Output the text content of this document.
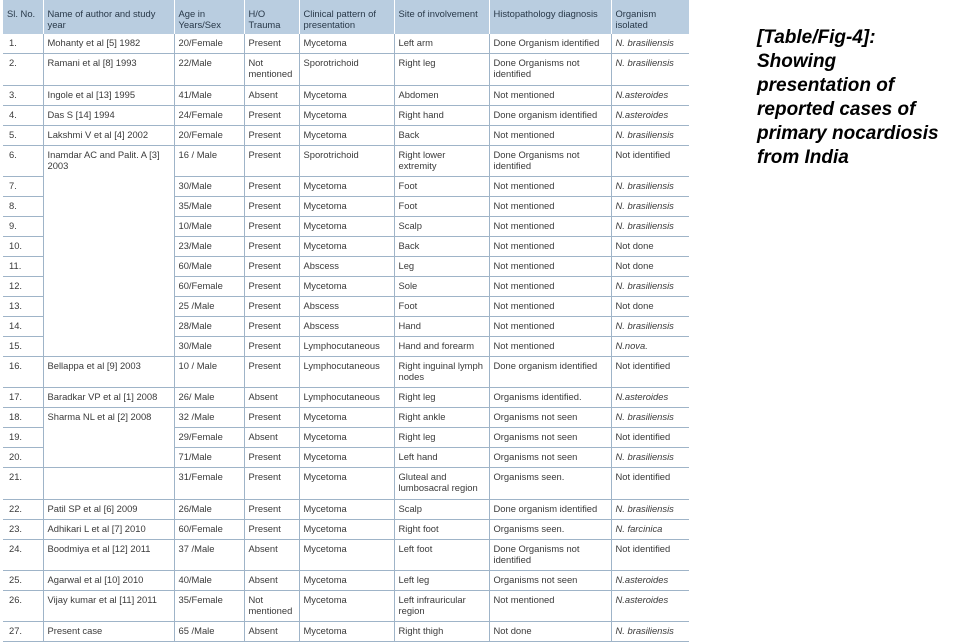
Sl. No.	Name of author and study year	Age in Years/Sex	H/O Trauma	Clinical pattern of presentation	Site of involvement	Histopathology diagnosis	Organism isolated
1.	Mohanty et al [5] 1982	20/Female	Present	Mycetoma	Left arm	Done Organism identified	N. brasiliensis
2.	Ramani et al [8] 1993	22/Male	Not mentioned	Sporotrichoid	Right leg	Done Organisms not identified	N. brasiliensis
3.	Ingole et al [13] 1995	41/Male	Absent	Mycetoma	Abdomen	Not mentioned	N.asteroides
4.	Das S [14] 1994	24/Female	Present	Mycetoma	Right hand	Done organism identified	N.asteroides
5.	Lakshmi V et al [4] 2002	20/Female	Present	Mycetoma	Back	Not mentioned	N. brasiliensis
6.	Inamdar AC and Palit. A [3] 2003	16 / Male	Present	Sporotrichoid	Right lower extremity	Done Organisms not identified	Not identified
7.		30/Male	Present	Mycetoma	Foot	Not mentioned	N. brasiliensis
8.		35/Male	Present	Mycetoma	Foot	Not mentioned	N. brasiliensis
9.		10/Male	Present	Mycetoma	Scalp	Not mentioned	N. brasiliensis
10.		23/Male	Present	Mycetoma	Back	Not mentioned	Not done
11.		60/Male	Present	Abscess	Leg	Not mentioned	Not done
12.		60/Female	Present	Mycetoma	Sole	Not mentioned	N. brasiliensis
13.		25 /Male	Present	Abscess	Foot	Not mentioned	Not done
14.		28/Male	Present	Abscess	Hand	Not mentioned	N. brasiliensis
15.		30/Male	Present	Lymphocutaneous	Hand and forearm	Not mentioned	N.nova.
16.	Bellappa et al [9] 2003	10 / Male	Present	Lymphocutaneous	Right inguinal lymph nodes	Done organism identified	Not identified
17.	Baradkar VP et al [1] 2008	26/ Male	Absent	Lymphocutaneous	Right leg	Organisms identified.	N.asteroides
18.	Sharma NL et al [2] 2008	32 /Male	Present	Mycetoma	Right ankle	Organisms not seen	N. brasiliensis
19.		29/Female	Absent	Mycetoma	Right leg	Organisms not seen	Not identified
20.		71/Male	Present	Mycetoma	Left hand	Organisms not seen	N. brasiliensis
21.		31/Female	Present	Mycetoma	Gluteal and lumbosacral region	Organisms seen.	Not identified
22.	Patil SP et al [6] 2009	26/Male	Present	Mycetoma	Scalp	Done organism identified	N. brasiliensis
23.	Adhikari L et al [7] 2010	60/Female	Present	Mycetoma	Right foot	Organisms seen.	N. farcinica
24.	Boodmiya et al [12] 2011	37 /Male	Absent	Mycetoma	Left foot	Done Organisms not identified	Not identified
25.	Agarwal et al [10] 2010	40/Male	Absent	Mycetoma	Left leg	Organisms not seen	N.asteroides
26.	Vijay kumar et al [11] 2011	35/Female	Not mentioned	Mycetoma	Left infrauricular region	Not mentioned	N.asteroides
27.	Present case	65 /Male	Absent	Mycetoma	Right thigh	Not done	N. brasiliensis
[Table/Fig-4]: Showing presentation of reported cases of primary nocardiosis from India
